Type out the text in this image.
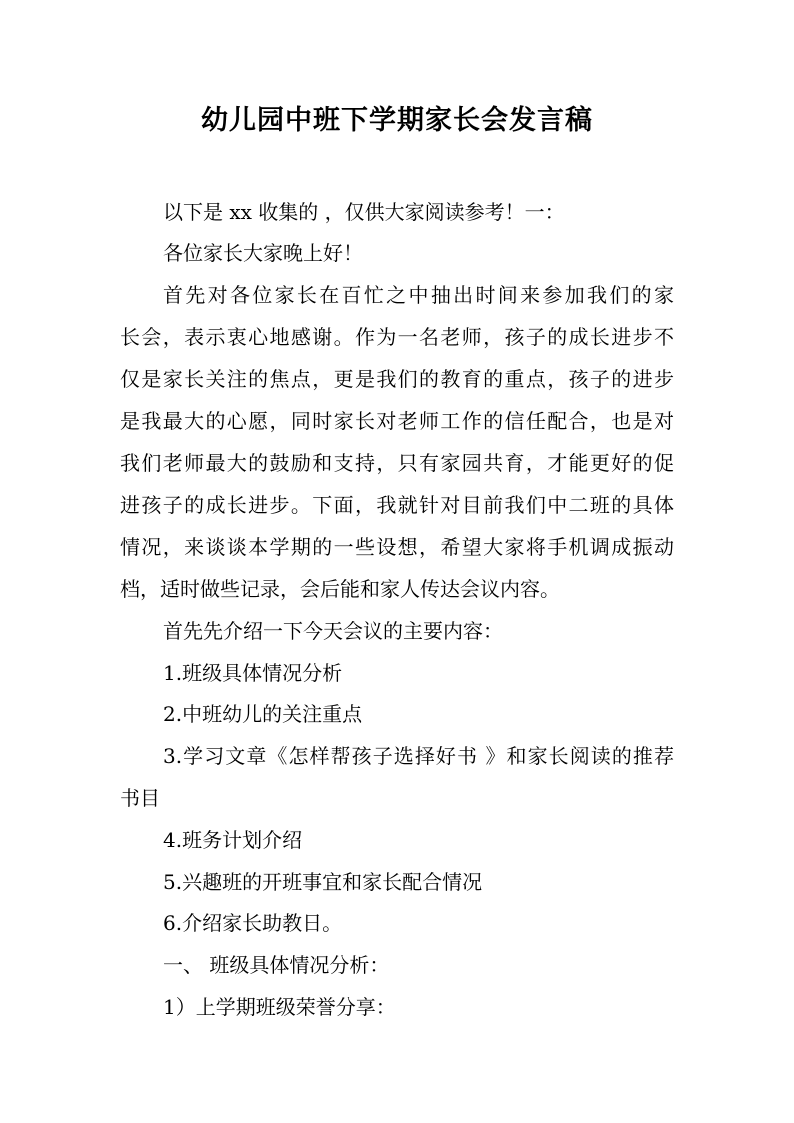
幼儿园中班下学期家长会发言稿
以下是 xx 收集的 ，仅供大家阅读参考！一：
各位家长大家晚上好！
首先对各位家长在百忙之中抽出时间来参加我们的家
长会，表示衷心地感谢。作为一名老师，孩子的成长进步不
仅是家长关注的焦点，更是我们的教育的重点，孩子的进步
是我最大的心愿，同时家长对老师工作的信任配合，也是对
我们老师最大的鼓励和支持，只有家园共育，才能更好的促
进孩子的成长进步。下面，我就针对目前我们中二班的具体
情况，来谈谈本学期的一些设想，希望大家将手机调成振动
档，适时做些记录，会后能和家人传达会议内容。
首先先介绍一下今天会议的主要内容：
1.班级具体情况分析
2.中班幼儿的关注重点
3.学习文章《怎样帮孩子选择好书 》和家长阅读的推荐
书目
4.班务计划介绍
5.兴趣班的开班事宜和家长配合情况
6.介绍家长助教日。
一、 班级具体情况分析：
1）上学期班级荣誉分享：
